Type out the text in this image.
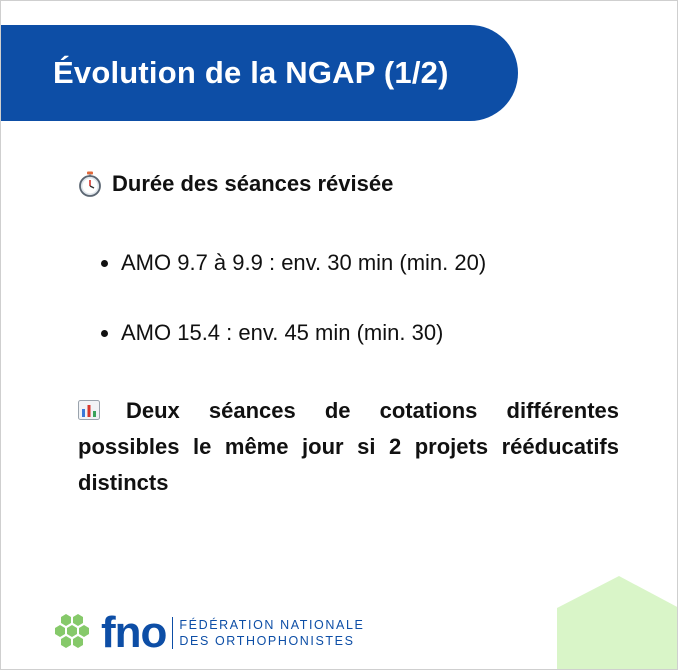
Évolution de la NGAP (1/2)
Durée des séances révisée
AMO 9.7 à 9.9 : env. 30 min (min. 20)
AMO 15.4 : env. 45 min (min. 30)
Deux séances de cotations différentes possibles le même jour si 2 projets rééducatifs distincts
fno FÉDÉRATION NATIONALE
DES ORTHOPHONISTES
